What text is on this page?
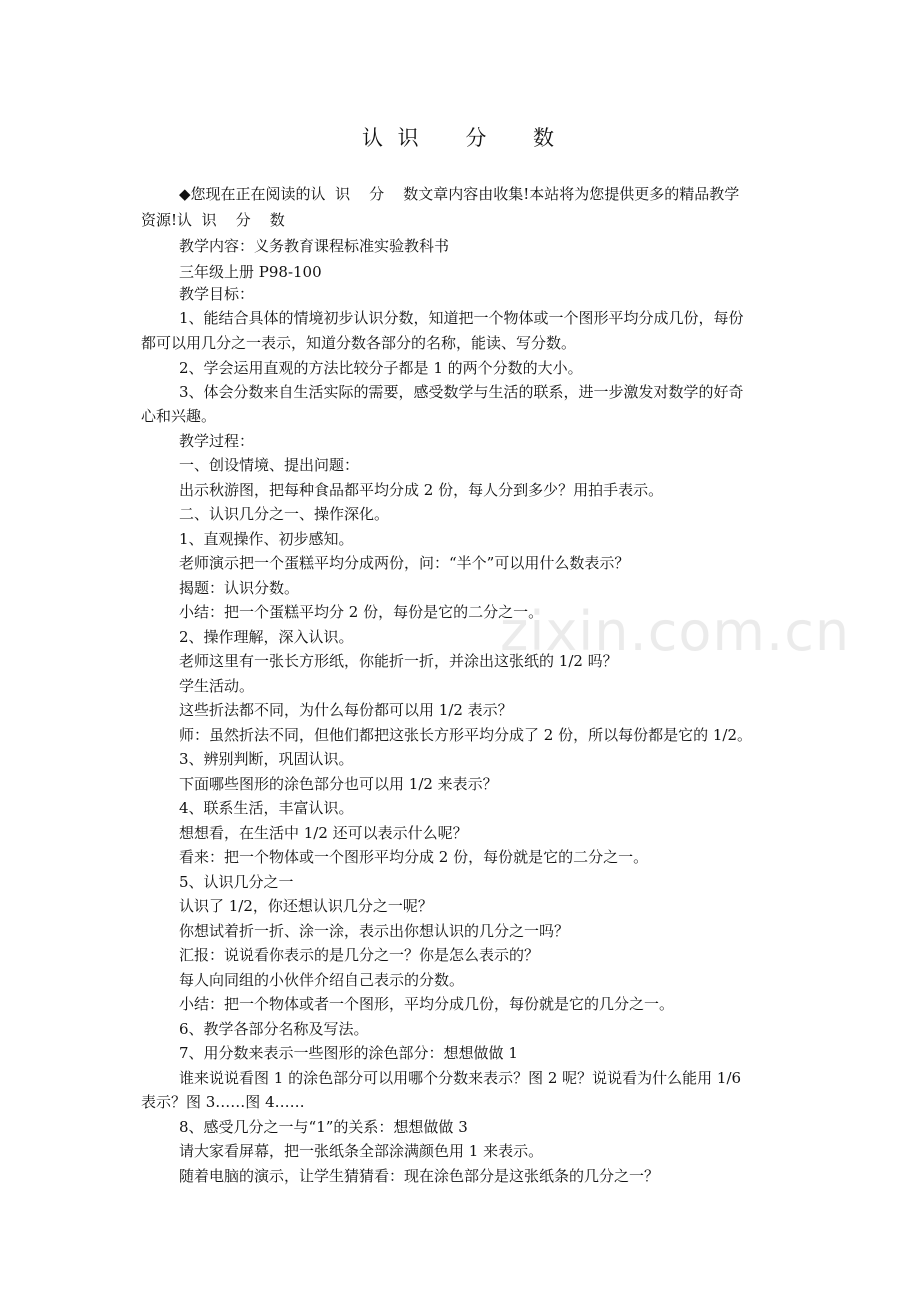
zixin.com.cn
认 识    分    数
◆您现在正在阅读的认  识    分    数文章内容由收集!本站将为您提供更多的精品教学
资源!认  识    分    数
教学内容：义务教育课程标准实验教科书
三年级上册 P98-100
教学目标：
1、能结合具体的情境初步认识分数，知道把一个物体或一个图形平均分成几份，每份
都可以用几分之一表示，知道分数各部分的名称，能读、写分数。
2、学会运用直观的方法比较分子都是 1 的两个分数的大小。
3、体会分数来自生活实际的需要，感受数学与生活的联系，进一步激发对数学的好奇
心和兴趣。
教学过程：
一、创设情境、提出问题：
出示秋游图，把每种食品都平均分成 2 份，每人分到多少？用拍手表示。
二、认识几分之一、操作深化。
1、直观操作、初步感知。
老师演示把一个蛋糕平均分成两份，问：“半个”可以用什么数表示？
揭题：认识分数。
小结：把一个蛋糕平均分 2 份，每份是它的二分之一。
2、操作理解，深入认识。
老师这里有一张长方形纸，你能折一折，并涂出这张纸的 1/2 吗？
学生活动。
这些折法都不同，为什么每份都可以用 1/2 表示？
师：虽然折法不同，但他们都把这张长方形平均分成了 2 份，所以每份都是它的 1/2。
3、辨别判断，巩固认识。
下面哪些图形的涂色部分也可以用 1/2 来表示？
4、联系生活，丰富认识。
想想看，在生活中 1/2 还可以表示什么呢？
看来：把一个物体或一个图形平均分成 2 份，每份就是它的二分之一。
5、认识几分之一
认识了 1/2，你还想认识几分之一呢？
你想试着折一折、涂一涂，表示出你想认识的几分之一吗？
汇报：说说看你表示的是几分之一？你是怎么表示的？
每人向同组的小伙伴介绍自己表示的分数。
小结：把一个物体或者一个图形，平均分成几份，每份就是它的几分之一。
6、教学各部分名称及写法。
7、用分数来表示一些图形的涂色部分：想想做做 1
谁来说说看图 1 的涂色部分可以用哪个分数来表示？图 2 呢？说说看为什么能用 1/6
表示？图 3……图 4……
8、感受几分之一与“1”的关系：想想做做 3
请大家看屏幕，把一张纸条全部涂满颜色用 1 来表示。
随着电脑的演示，让学生猜猜看：现在涂色部分是这张纸条的几分之一？
